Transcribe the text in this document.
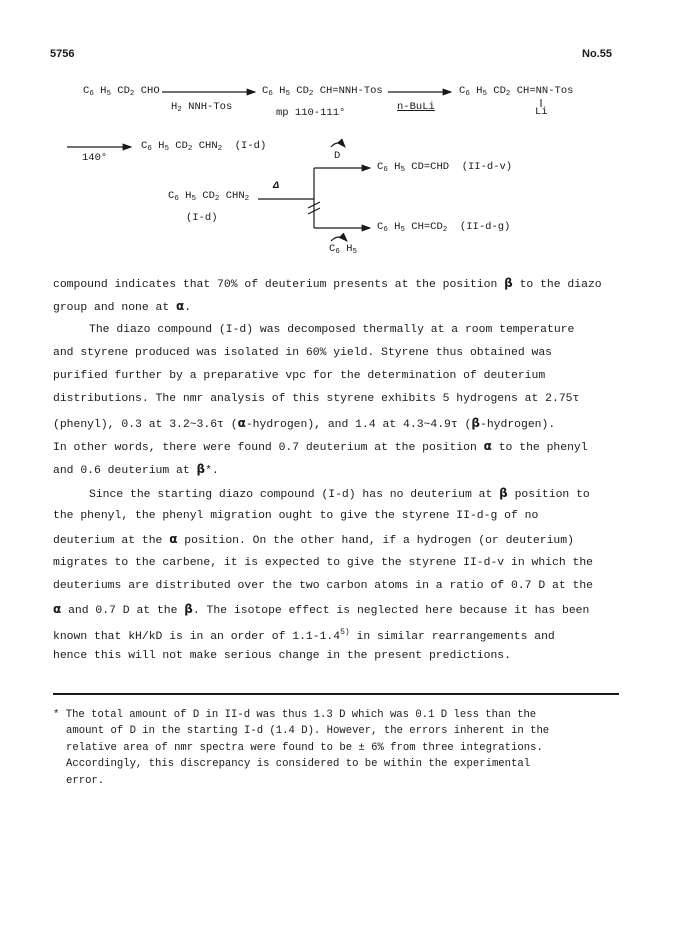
5756	No.55
$C_6$ $H_5$ $CD_2$ CHO
$H_2$ NNH-Tos
$C_6$ $H_5$ $CD_2$ CH=NNH-Tos
mp 110-111°	n-BuLi
$C_6$ $H_5$ $CD_2$ CH=NN-Tos
Li
140°
$C_6$ $H_5$ $CD_2$ $CHN_2$ (I-d)
D
$C_6$ $H_5$ CD=CHD (II-d-v)
Δ
$C_6$ $H_5$ $CD_2$ $CHN_2$
(I-d)
$C_6$ $H_5$ $CH=CD_2$ (II-d-g)
$C_6$ $H_5$
compound indicates that 70% of deuterium presents at the position β to the diazo
group and none at α.
The diazo compound (I-d) was decomposed thermally at a room temperature
and styrene produced was isolated in 60% yield. Styrene thus obtained was
purified further by a preparative vpc for the determination of deuterium
distributions. The nmr analysis of this styrene exhibits 5 hydrogens at 2.75τ
(phenyl), 0.3 at 3.2~3.6τ (α-hydrogen), and 1.4 at 4.3~4.9τ (β-hydrogen).
In other words, there were found 0.7 deuterium at the position α to the phenyl
and 0.6 deuterium at β*.
Since the starting diazo compound (I-d) has no deuterium at β position to
the phenyl, the phenyl migration ought to give the styrene II-d-g of no
deuterium at the α position. On the other hand, if a hydrogen (or deuterium)
migrates to the carbene, it is expected to give the styrene II-d-v in which the
deuteriums are distributed over the two carbon atoms in a ratio of 0.7 D at the
α and 0.7 D at the β. The isotope effect is neglected here because it has been
known that kH/kD is in an order of 1.1-1.4$^{5)}$ in similar rearrangements and
hence this will not make serious change in the present predictions.
* The total amount of D in II-d was thus 1.3 D which was 0.1 D less than the
amount of D in the starting I-d (1.4 D). However, the errors inherent in the
relative area of nmr spectra were found to be ± 6% from three integrations.
Accordingly, this discrepancy is considered to be within the experimental
error.
